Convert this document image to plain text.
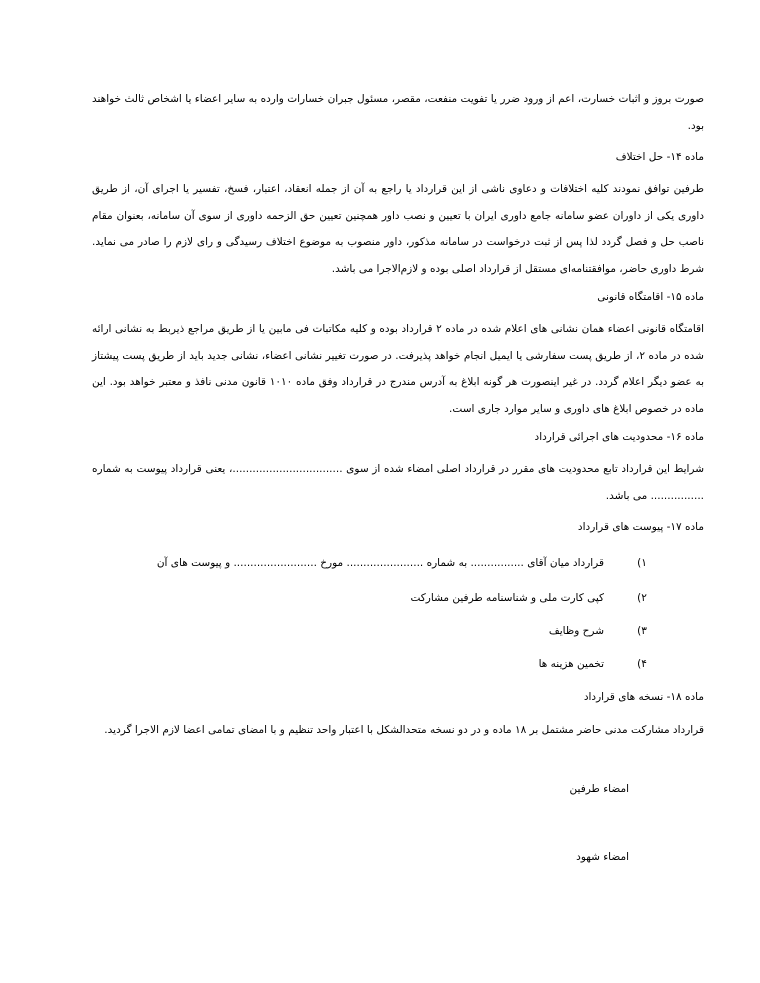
صورت بروز و اثبات خسارت، اعم از ورود ضرر یا تفویت منفعت، مقصر، مسئول جبران خسارات وارده به سایر اعضاء یا اشخاص ثالث خواهند بود.

ماده ۱۴- حل اختلاف

طرفین توافق نمودند کلیه اختلافات و دعاوی ناشی از این قرارداد یا راجع به آن از جمله انعقاد، اعتبار، فسخ، تفسیر یا اجرای آن، از طریق داوری یکی از داوران عضو سامانه جامع داوری ایران با تعیین و نصب داور همچنین تعیین حق الزحمه داوری از سوی آن سامانه، بعنوان مقام ناصب حل و فصل گردد لذا پس از ثبت درخواست در سامانه مذکور، داور منصوب به موضوع اختلاف رسیدگی و رای لازم را صادر می نماید. شرط داوری حاضر، موافقتنامه‌ای مستقل از قرارداد اصلی بوده و لازم‌الاجرا می باشد.

ماده ۱۵- اقامتگاه قانونی

اقامتگاه قانونی اعضاء همان نشانی های اعلام شده در ماده ۲ قرارداد بوده و کلیه مکاتبات فی مابین یا از طریق مراجع ذیربط به نشانی ارائه شده در ماده ۲، از طریق پست سفارشی یا ایمیل انجام خواهد پذیرفت. در صورت تغییر نشانی اعضاء، نشانی جدید باید از طریق پست پیشتاز به عضو دیگر اعلام گردد. در غیر اینصورت هر گونه ابلاغ به آدرس مندرج در قرارداد وفق ماده ۱۰۱۰ قانون مدنی نافذ و معتبر خواهد بود. این ماده در خصوص ابلاغ های داوری و سایر موارد جاری است.

ماده ۱۶- محدودیت های اجرائی قرارداد

شرایط این قرارداد تابع محدودیت های مقرر در قرارداد اصلی امضاء شده از سوی .................................، یعنی قرارداد پیوست به شماره ................ می باشد.

ماده ۱۷- پیوست های قرارداد

۱)قرارداد میان آقای ................ به شماره ....................... مورخ ......................... و پیوست های آن
۲)کپی کارت ملی و شناسنامه طرفین مشارکت
۳)شرح وظایف
۴)تخمین هزینه ها

ماده ۱۸- نسخه های قرارداد

قرارداد مشارکت مدنی حاضر مشتمل بر ۱۸ ماده و در دو نسخه متحدالشکل با اعتبار واحد تنظیم و با امضای تمامی اعضا لازم الاجرا گردید.

امضاء طرفین
امضاء شهود
